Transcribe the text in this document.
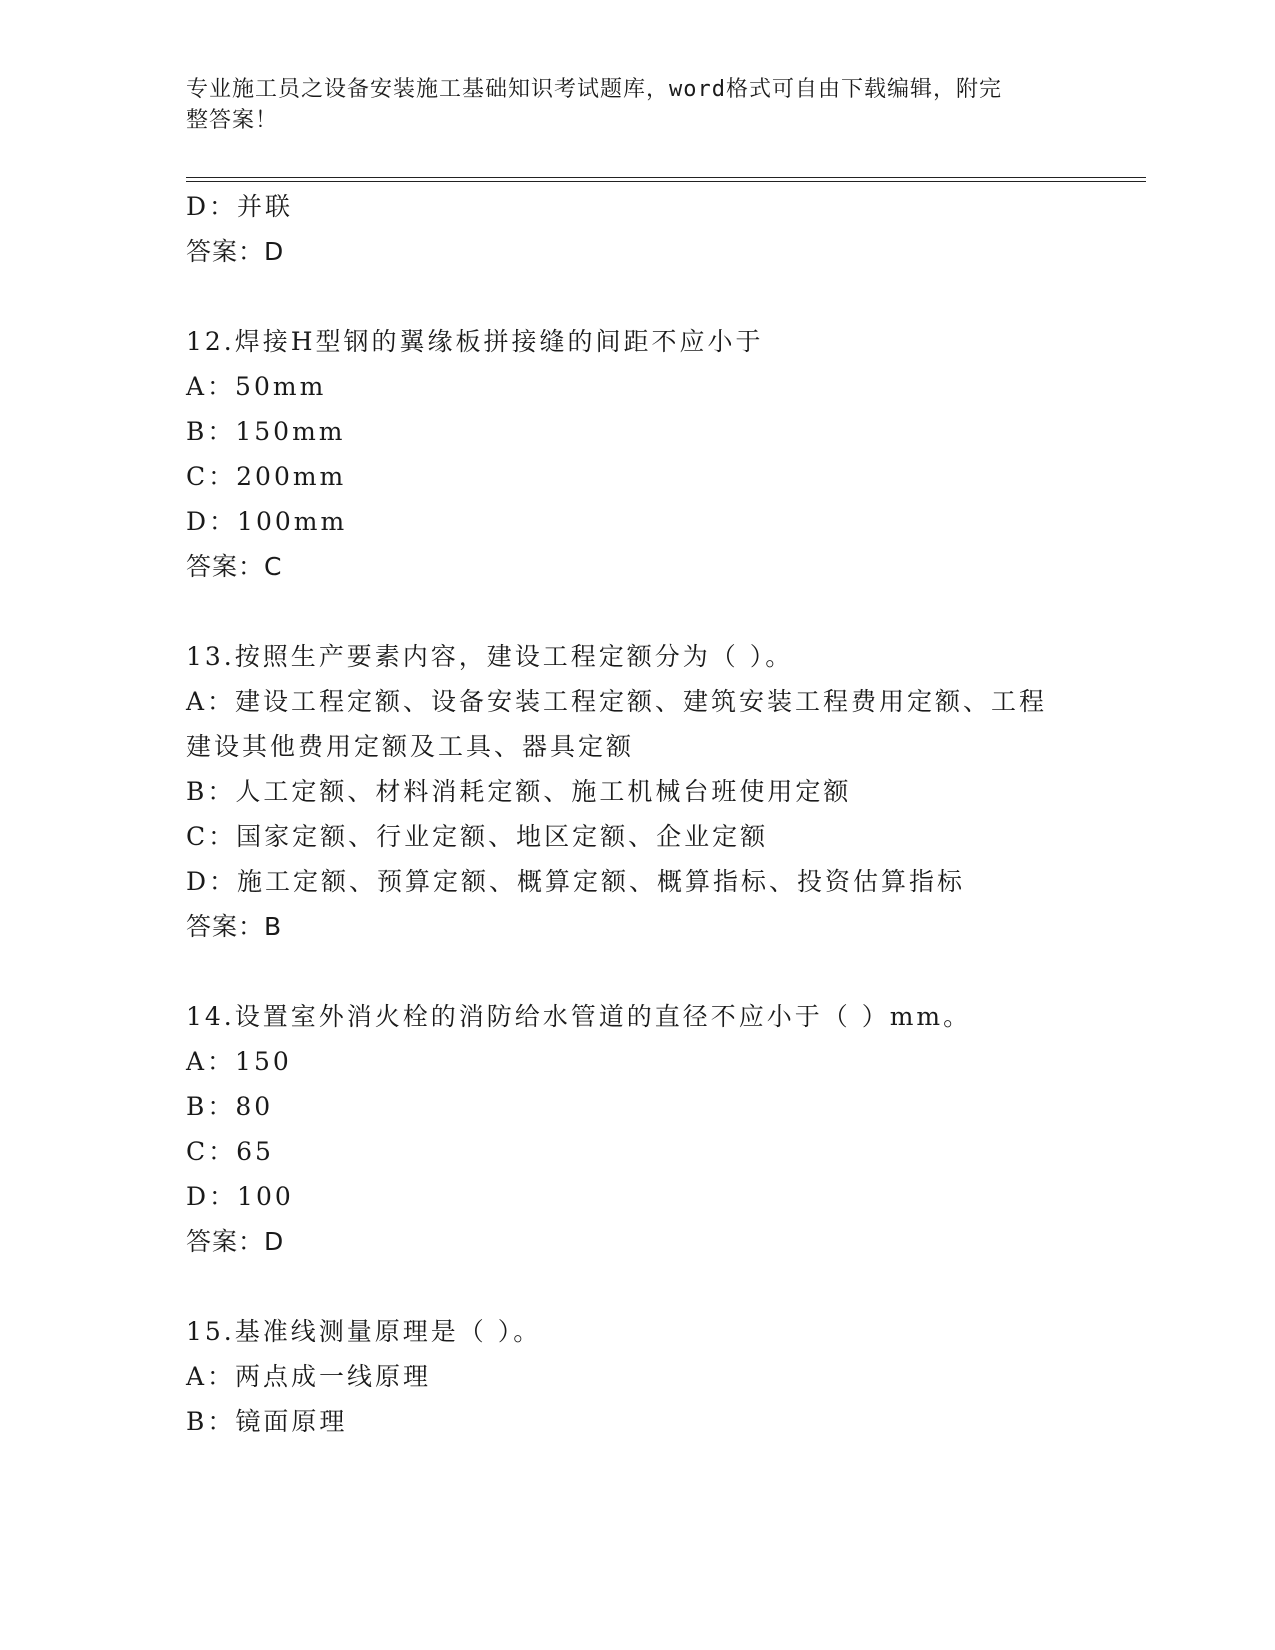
专业施工员之设备安装施工基础知识考试题库，word格式可自由下载编辑，附完
整答案！
D：并联
答案：D
12.焊接H型钢的翼缘板拼接缝的间距不应小于
A：50mm
B：150mm
C：200mm
D：100mm
答案：C
13.按照生产要素内容，建设工程定额分为（ ）。
A：建设工程定额、设备安装工程定额、建筑安装工程费用定额、工程
建设其他费用定额及工具、器具定额
B：人工定额、材料消耗定额、施工机械台班使用定额
C：国家定额、行业定额、地区定额、企业定额
D：施工定额、预算定额、概算定额、概算指标、投资估算指标
答案：B
14.设置室外消火栓的消防给水管道的直径不应小于（ ）mm。
A：150
B：80
C：65
D：100
答案：D
15.基准线测量原理是（ ）。
A：两点成一线原理
B：镜面原理
